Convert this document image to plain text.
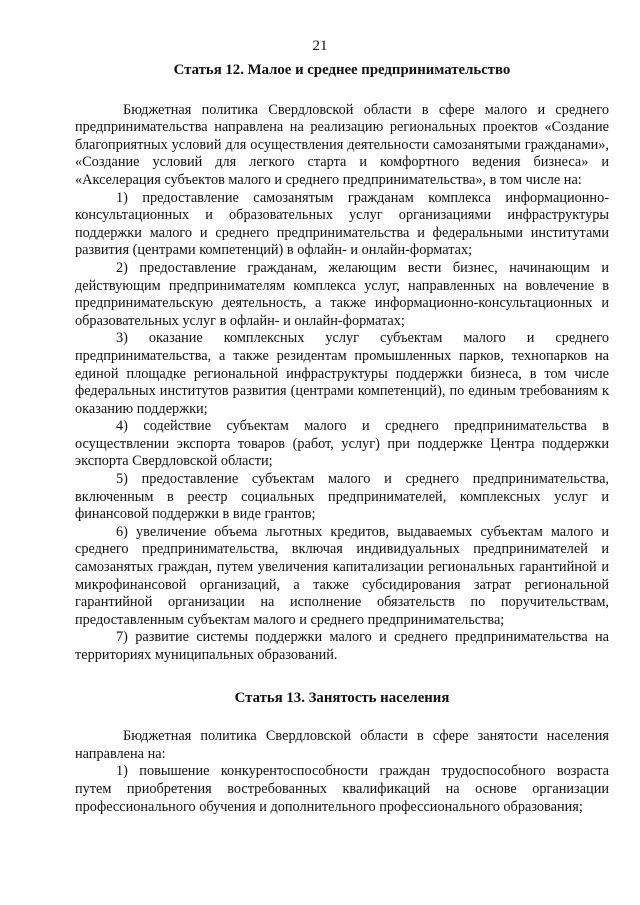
21
Статья 12. Малое и среднее предпринимательство

Бюджетная политика Свердловской области в сфере малого и среднего предпринимательства направлена на реализацию региональных проектов «Создание благоприятных условий для осуществления деятельности самозанятыми гражданами», «Создание условий для легкого старта и комфортного ведения бизнеса» и «Акселерация субъектов малого и среднего предпринимательства», в том числе на:

1) предоставление самозанятым гражданам комплекса информационно-консультационных и образовательных услуг организациями инфраструктуры поддержки малого и среднего предпринимательства и федеральными институтами развития (центрами компетенций) в офлайн- и онлайн-форматах;

2) предоставление гражданам, желающим вести бизнес, начинающим и действующим предпринимателям комплекса услуг, направленных на вовлечение в предпринимательскую деятельность, а также информационно-консультационных и образовательных услуг в офлайн- и онлайн-форматах;

3) оказание комплексных услуг субъектам малого и среднего предпринимательства, а также резидентам промышленных парков, технопарков на единой площадке региональной инфраструктуры поддержки бизнеса, в том числе федеральных институтов развития (центрами компетенций), по единым требованиям к оказанию поддержки;

4) содействие субъектам малого и среднего предпринимательства в осуществлении экспорта товаров (работ, услуг) при поддержке Центра поддержки экспорта Свердловской области;

5) предоставление субъектам малого и среднего предпринимательства, включенным в реестр социальных предпринимателей, комплексных услуг и финансовой поддержки в виде грантов;

6) увеличение объема льготных кредитов, выдаваемых субъектам малого и среднего предпринимательства, включая индивидуальных предпринимателей и самозанятых граждан, путем увеличения капитализации региональных гарантийной и микрофинансовой организаций, а также субсидирования затрат региональной гарантийной организации на исполнение обязательств по поручительствам, предоставленным субъектам малого и среднего предпринимательства;

7) развитие системы поддержки малого и среднего предпринимательства на территориях муниципальных образований.

Статья 13. Занятость населения

Бюджетная политика Свердловской области в сфере занятости населения направлена на:

1) повышение конкурентоспособности граждан трудоспособного возраста путем приобретения востребованных квалификаций на основе организации профессионального обучения и дополнительного профессионального образования;
